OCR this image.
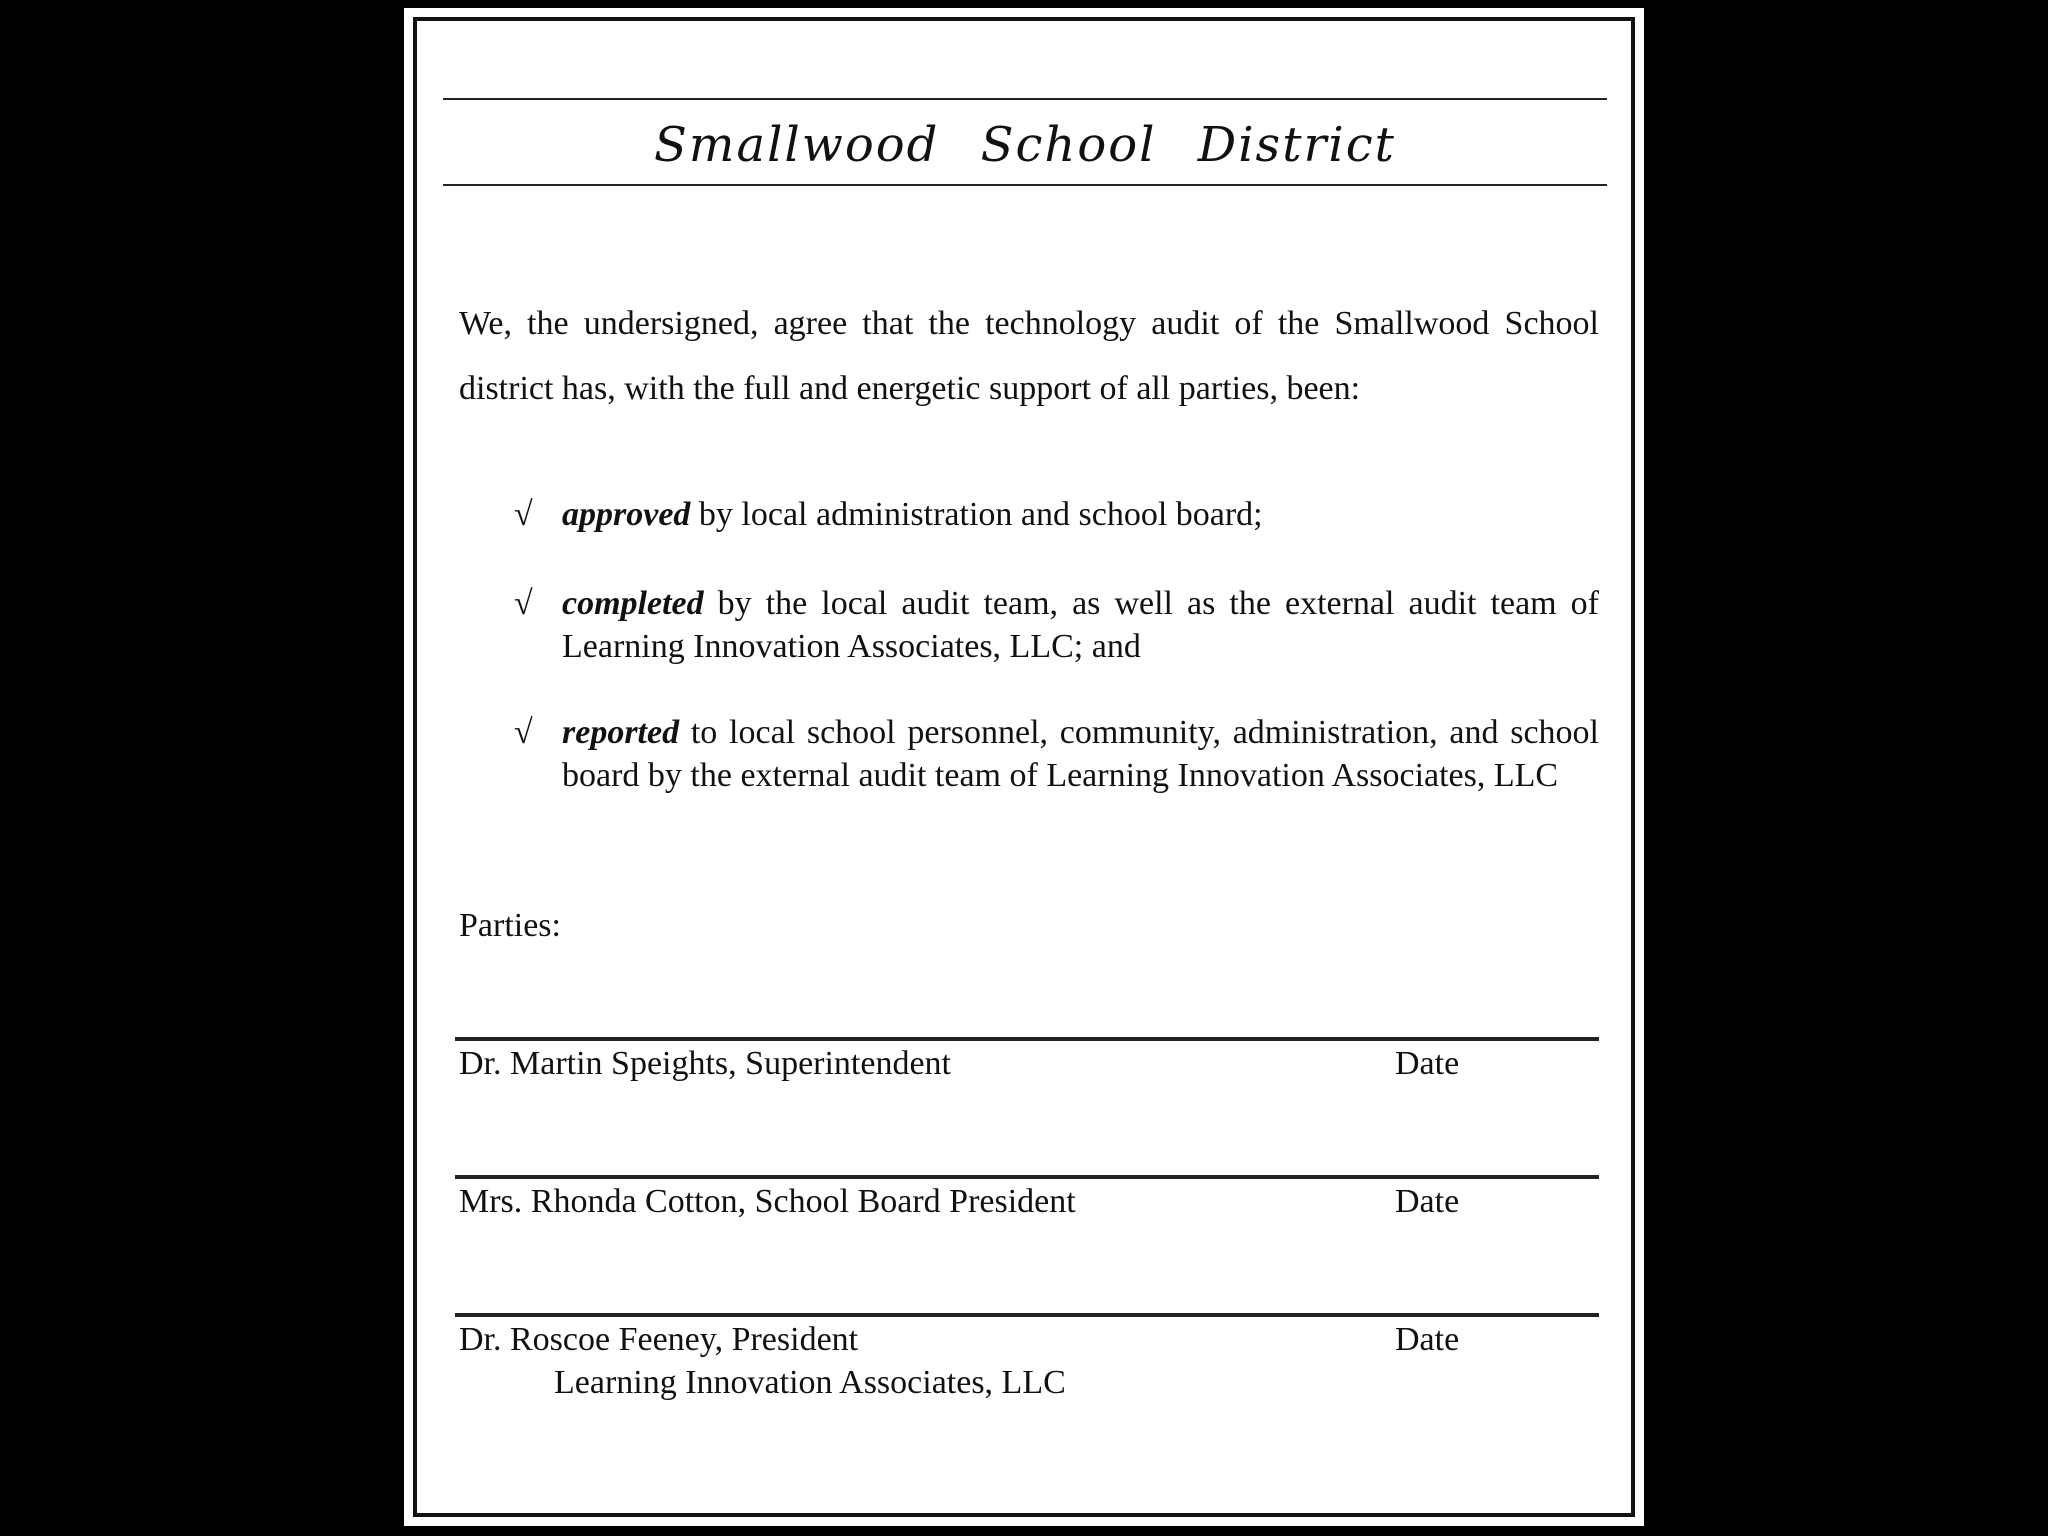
Smallwood School District

We, the undersigned, agree that the technology audit of the Smallwood School district has, with the full and energetic support of all parties, been:

√ approved by local administration and school board;
√ completed by the local audit team, as well as the external audit team of Learning Innovation Associates, LLC; and
√ reported to local school personnel, community, administration, and school board by the external audit team of Learning Innovation Associates, LLC
Parties:
Dr. Martin Speights, Superintendent	Date
Mrs. Rhonda Cotton, School Board President	Date
Dr. Roscoe Feeney, President
Learning Innovation Associates, LLC
Date
